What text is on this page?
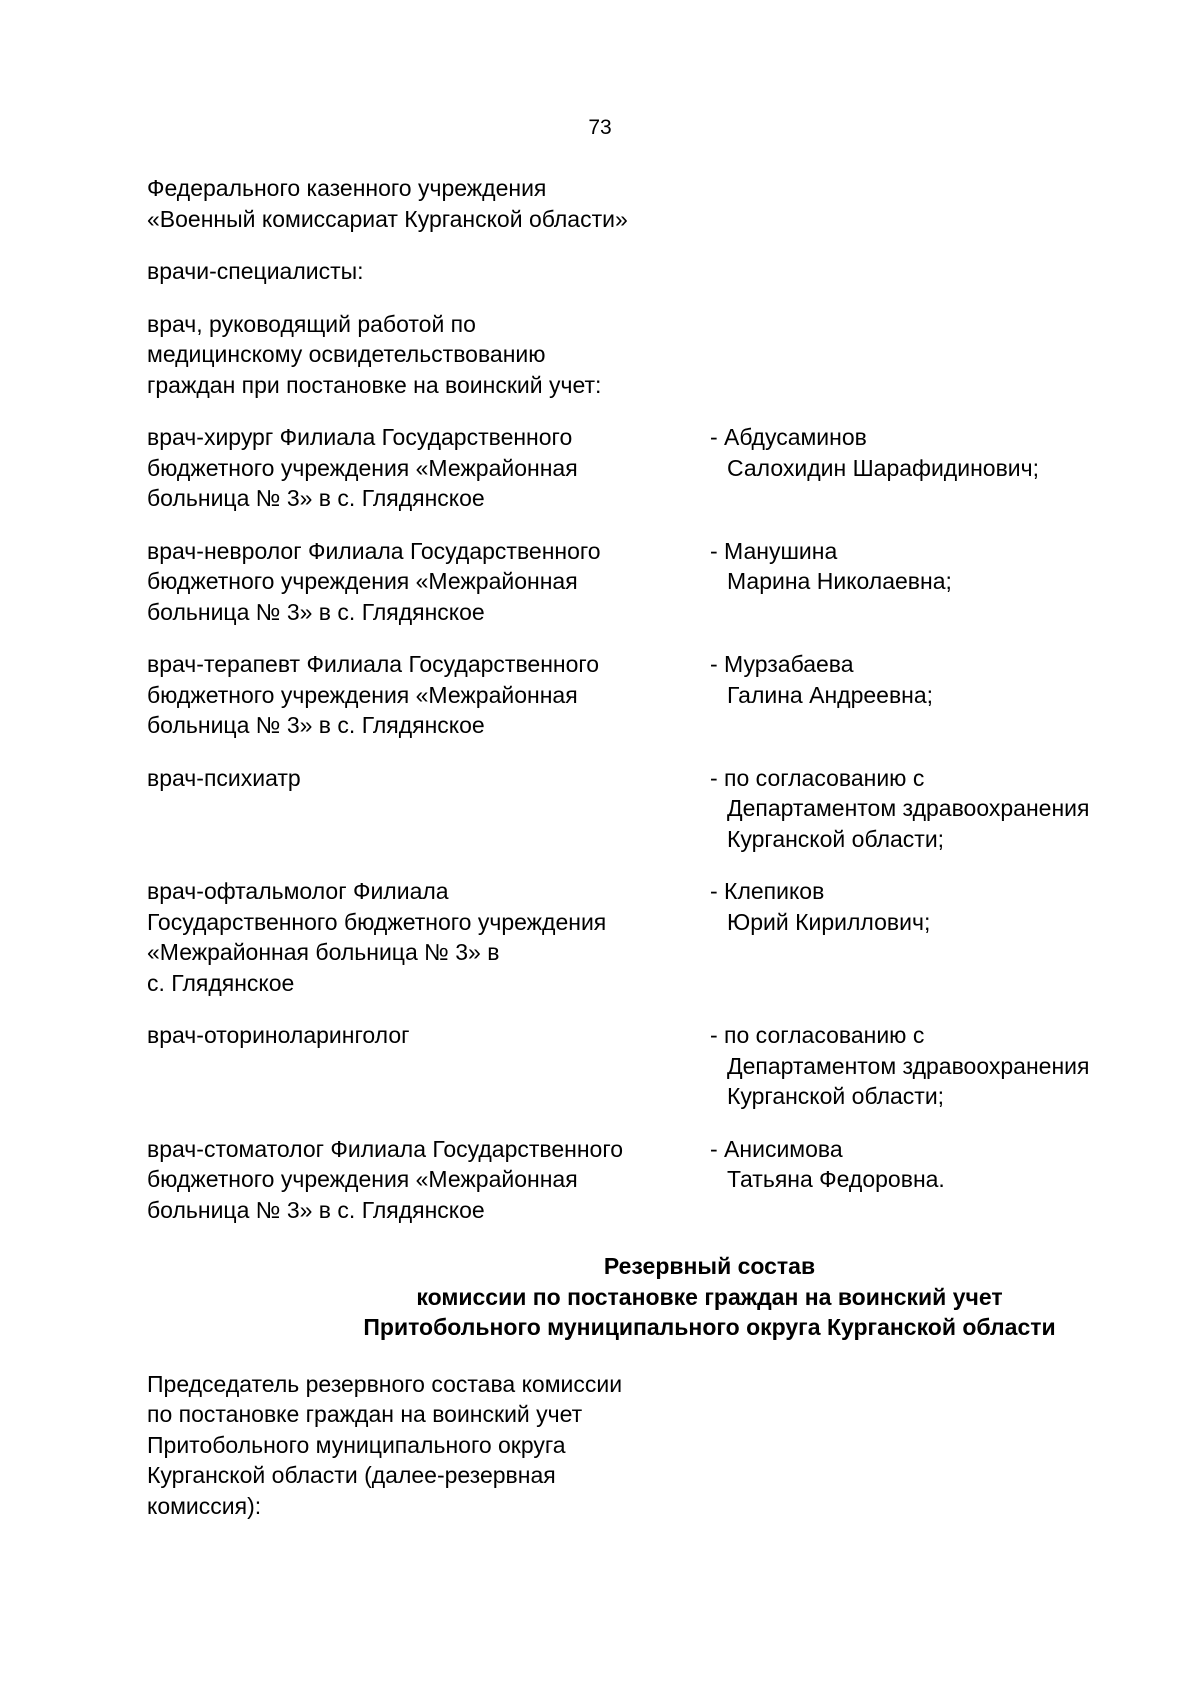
73
Федерального казенного учреждения
«Военный комиссариат Курганской области»
врачи-специалисты:
врач, руководящий работой по
медицинскому освидетельствованию
граждан при постановке на воинский учет:
врач-хирург Филиала Государственного
бюджетного учреждения «Межрайонная
больница № 3» в с. Глядянское
- Абдусаминов
Салохидин Шарафидинович;
врач-невролог Филиала Государственного
бюджетного учреждения «Межрайонная
больница № 3» в с. Глядянское
- Манушина
Марина Николаевна;
врач-терапевт Филиала Государственного
бюджетного учреждения «Межрайонная
больница № 3» в с. Глядянское
- Мурзабаева
Галина Андреевна;
врач-психиатр	- по согласованию с
Департаментом здравоохранения
Курганской области;
врач-офтальмолог Филиала
Государственного бюджетного учреждения
«Межрайонная больница № 3» в
с. Глядянское
- Клепиков
Юрий Кириллович;
врач-оториноларинголог	- по согласованию с
Департаментом здравоохранения
Курганской области;
врач-стоматолог Филиала Государственного
бюджетного учреждения «Межрайонная
больница № 3» в с. Глядянское
- Анисимова
Татьяна Федоровна.
Резервный состав
комиссии по постановке граждан на воинский учет
Притобольного муниципального округа Курганской области
Председатель резервного состава комиссии
по постановке граждан на воинский учет
Притобольного муниципального округа
Курганской области (далее-резервная
комиссия):
